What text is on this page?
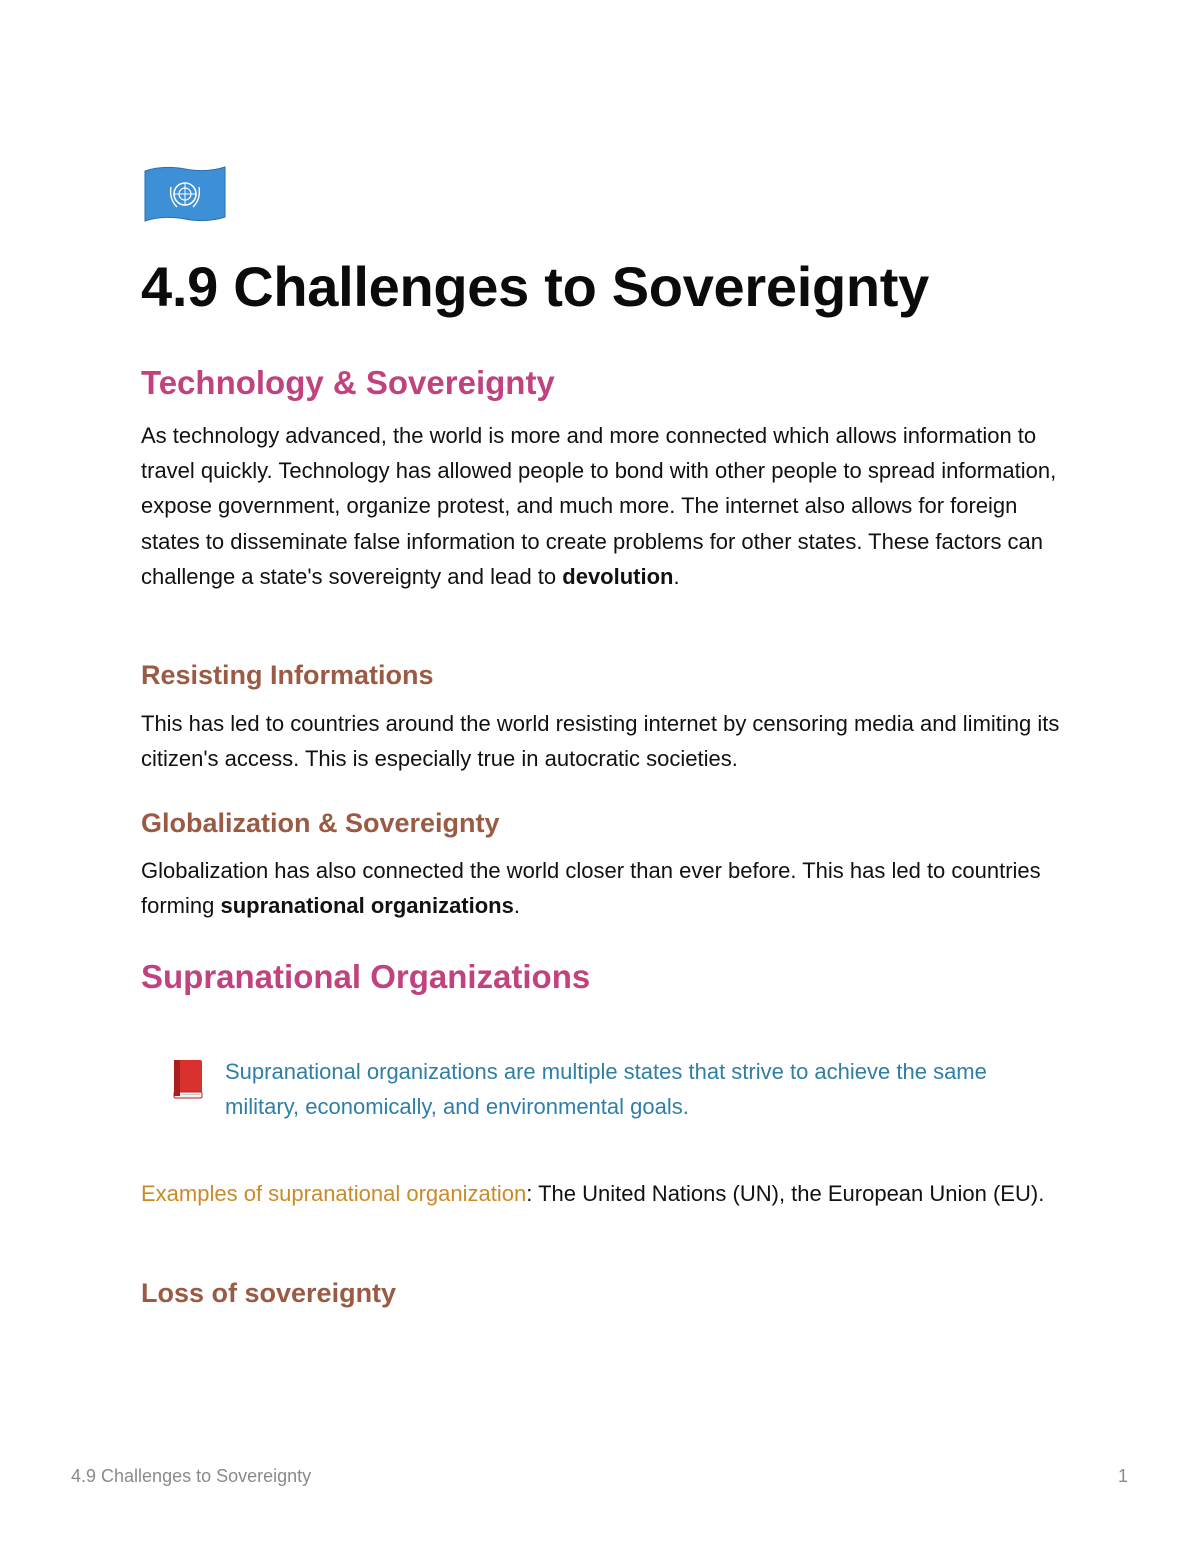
4.9 Challenges to Sovereignty
Technology & Sovereignty

As technology advanced, the world is more and more connected which allows information to travel quickly. Technology has allowed people to bond with other people to spread information, expose government, organize protest, and much more. The internet also allows for foreign states to disseminate false information to create problems for other states. These factors can challenge a state's sovereignty and lead to devolution.

Resisting Informations

This has led to countries around the world resisting internet by censoring media and limiting its citizen's access. This is especially true in autocratic societies.

Globalization & Sovereignty

Globalization has also connected the world closer than ever before. This has led to countries forming supranational organizations.

Supranational Organizations

Supranational organizations are multiple states that strive to achieve the same military, economically, and environmental goals.

Examples of supranational organization: The United Nations (UN), the European Union (EU).

Loss of sovereignty
4.9 Challenges to Sovereignty	1
